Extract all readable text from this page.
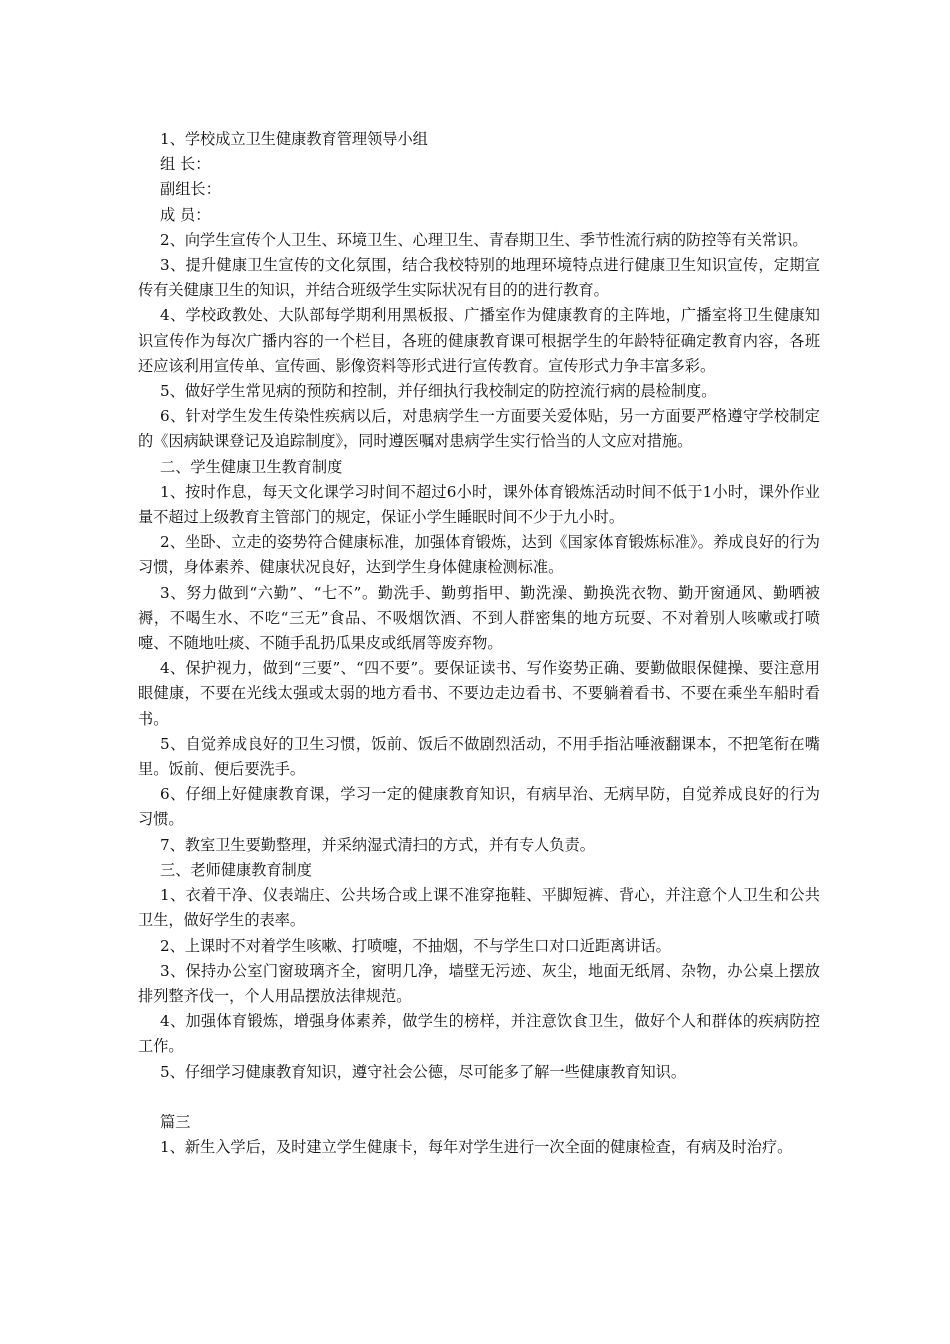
1、学校成立卫生健康教育管理领导小组

组 长：

副组长：

成 员：

2、向学生宣传个人卫生、环境卫生、心理卫生、青春期卫生、季节性流行病的防控等有关常识。

3、提升健康卫生宣传的文化氛围，结合我校特别的地理环境特点进行健康卫生知识宣传，定期宣传有关健康卫生的知识，并结合班级学生实际状况有目的的进行教育。

4、学校政教处、大队部每学期利用黑板报、广播室作为健康教育的主阵地，广播室将卫生健康知识宣传作为每次广播内容的一个栏目，各班的健康教育课可根据学生的年龄特征确定教育内容，各班还应该利用宣传单、宣传画、影像资料等形式进行宣传教育。宣传形式力争丰富多彩。

5、做好学生常见病的预防和控制，并仔细执行我校制定的防控流行病的晨检制度。

6、针对学生发生传染性疾病以后，对患病学生一方面要关爱体贴，另一方面要严格遵守学校制定的《因病缺课登记及追踪制度》，同时遵医嘱对患病学生实行恰当的人文应对措施。

二、学生健康卫生教育制度

1、按时作息，每天文化课学习时间不超过6小时，课外体育锻炼活动时间不低于1小时，课外作业量不超过上级教育主管部门的规定，保证小学生睡眠时间不少于九小时。

2、坐卧、立走的姿势符合健康标准，加强体育锻炼，达到《国家体育锻炼标准》。养成良好的行为习惯，身体素养、健康状况良好，达到学生身体健康检测标准。

3、努力做到“六勤”、“七不”。勤洗手、勤剪指甲、勤洗澡、勤换洗衣物、勤开窗通风、勤晒被褥，不喝生水、不吃“三无”食品、不吸烟饮酒、不到人群密集的地方玩耍、不对着别人咳嗽或打喷嚏、不随地吐痰、不随手乱扔瓜果皮或纸屑等废弃物。

4、保护视力，做到“三要”、“四不要”。要保证读书、写作姿势正确、要勤做眼保健操、要注意用眼健康，不要在光线太强或太弱的地方看书、不要边走边看书、不要躺着看书、不要在乘坐车船时看书。

5、自觉养成良好的卫生习惯，饭前、饭后不做剧烈活动，不用手指沾唾液翻课本，不把笔衔在嘴里。饭前、便后要洗手。

6、仔细上好健康教育课，学习一定的健康教育知识，有病早治、无病早防，自觉养成良好的行为习惯。

7、教室卫生要勤整理，并采纳湿式清扫的方式，并有专人负责。

三、老师健康教育制度

1、衣着干净、仪表端庄、公共场合或上课不准穿拖鞋、平脚短裤、背心，并注意个人卫生和公共卫生，做好学生的表率。

2、上课时不对着学生咳嗽、打喷嚏，不抽烟，不与学生口对口近距离讲话。

3、保持办公室门窗玻璃齐全，窗明几净，墙壁无污迹、灰尘，地面无纸屑、杂物，办公桌上摆放排列整齐伐一，个人用品摆放法律规范。

4、加强体育锻炼，增强身体素养，做学生的榜样，并注意饮食卫生，做好个人和群体的疾病防控工作。

5、仔细学习健康教育知识，遵守社会公德，尽可能多了解一些健康教育知识。

篇三

1、新生入学后，及时建立学生健康卡，每年对学生进行一次全面的健康检查，有病及时治疗。
